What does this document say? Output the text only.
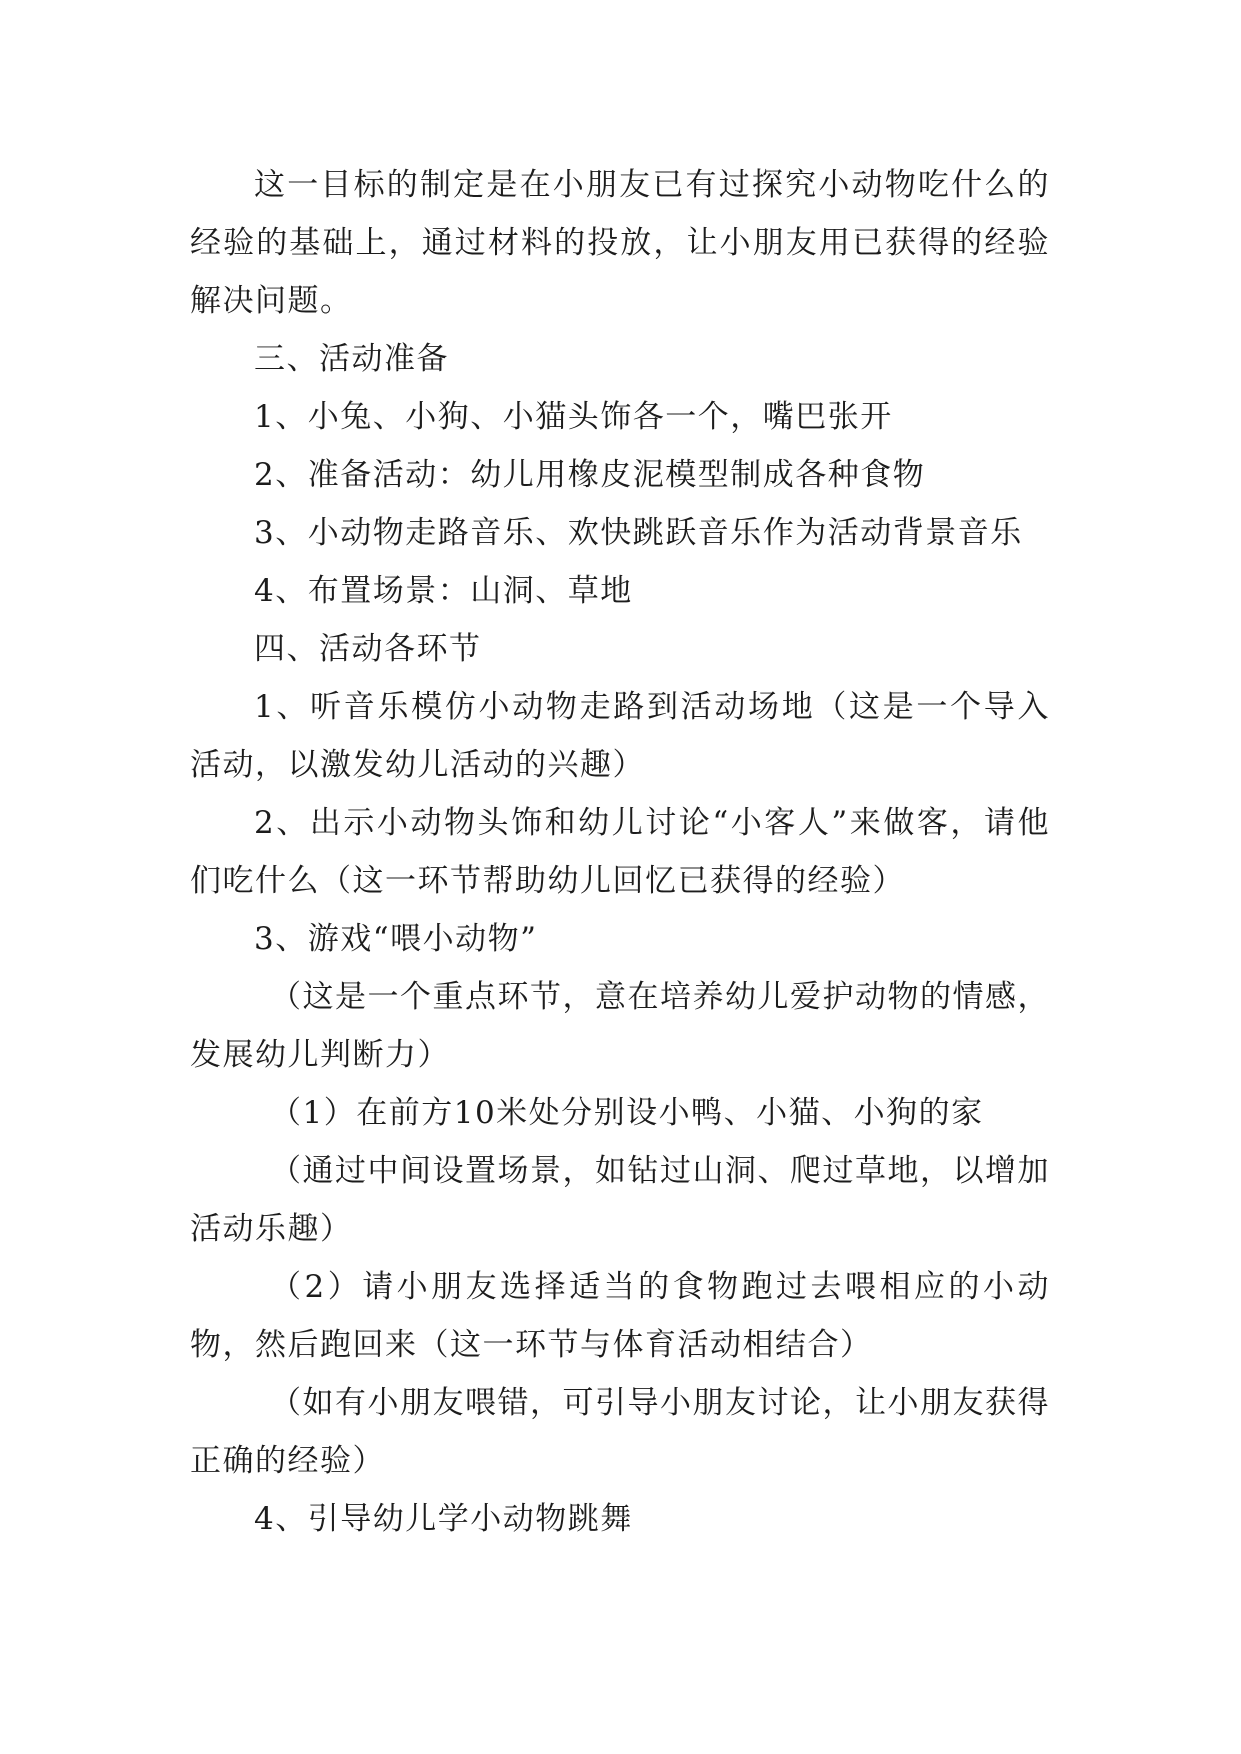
这一目标的制定是在小朋友已有过探究小动物吃什么的经验的基础上，通过材料的投放，让小朋友用已获得的经验解决问题。

三、活动准备

1、小兔、小狗、小猫头饰各一个，嘴巴张开

2、准备活动：幼儿用橡皮泥模型制成各种食物

3、小动物走路音乐、欢快跳跃音乐作为活动背景音乐

4、布置场景：山洞、草地

四、活动各环节

1、听音乐模仿小动物走路到活动场地（这是一个导入活动，以激发幼儿活动的兴趣）

2、出示小动物头饰和幼儿讨论“小客人”来做客，请他们吃什么（这一环节帮助幼儿回忆已获得的经验）

3、游戏“喂小动物”

（这是一个重点环节，意在培养幼儿爱护动物的情感，发展幼儿判断力）

（1）在前方10米处分别设小鸭、小猫、小狗的家

（通过中间设置场景，如钻过山洞、爬过草地，以增加活动乐趣）

（2）请小朋友选择适当的食物跑过去喂相应的小动物，然后跑回来（这一环节与体育活动相结合）

（如有小朋友喂错，可引导小朋友讨论，让小朋友获得正确的经验）

4、引导幼儿学小动物跳舞
